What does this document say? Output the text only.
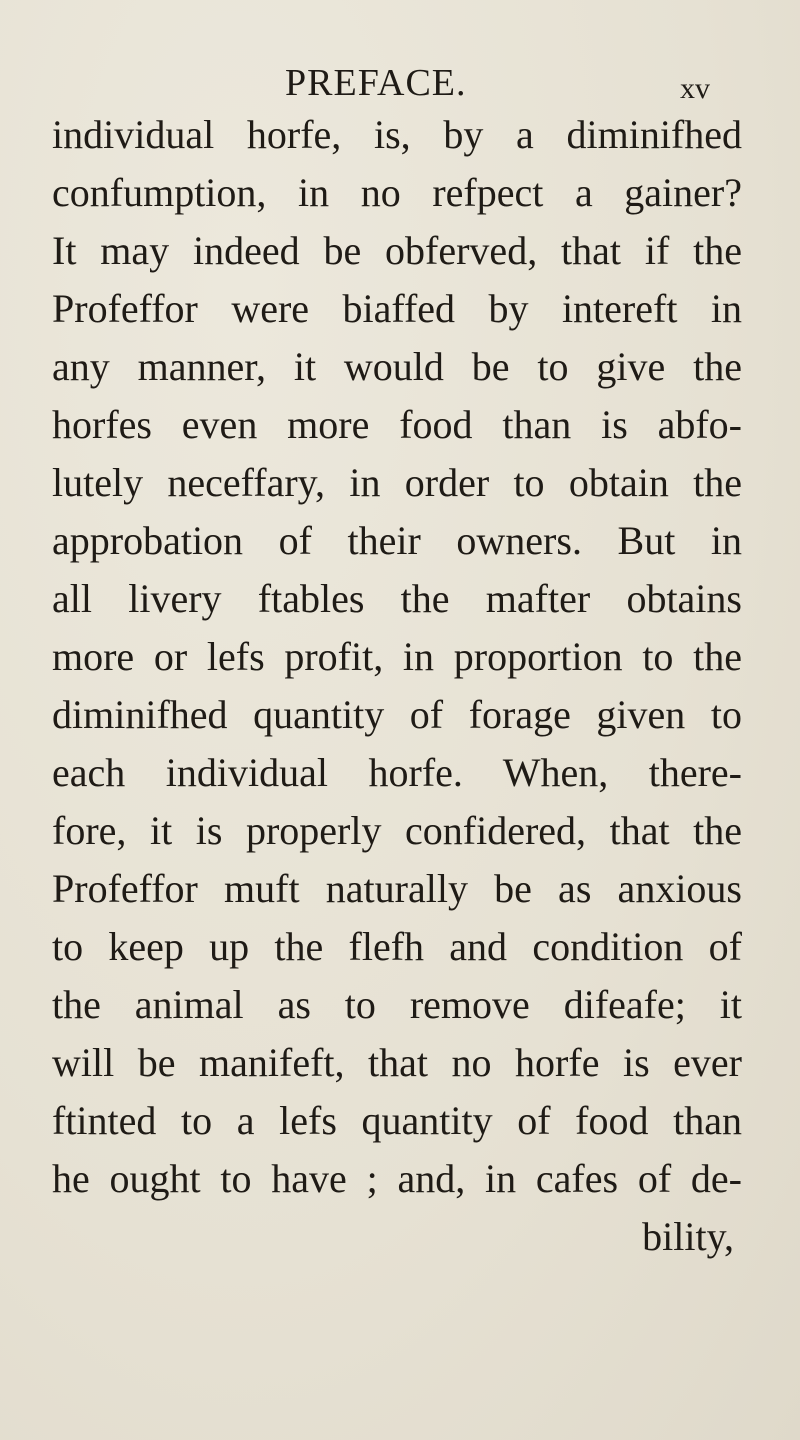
PREFACE.	xv
individual horfe, is, by a diminifhed
confumption, in no refpect a gainer?
It may indeed be obferved, that if the
Profeffor were biaffed by intereft in
any manner, it would be to give the
horfes even more food than is abfo-
lutely neceffary, in order to obtain the
approbation of their owners. But in
all livery ftables the mafter obtains
more or lefs profit, in proportion to the
diminifhed quantity of forage given to
each individual horfe. When, there-
fore, it is properly confidered, that the
Profeffor muft naturally be as anxious
to keep up the flefh and condition of
the animal as to remove difeafe; it
will be manifeft, that no horfe is ever
ftinted to a lefs quantity of food than
he ought to have ; and, in cafes of de-
bility,
